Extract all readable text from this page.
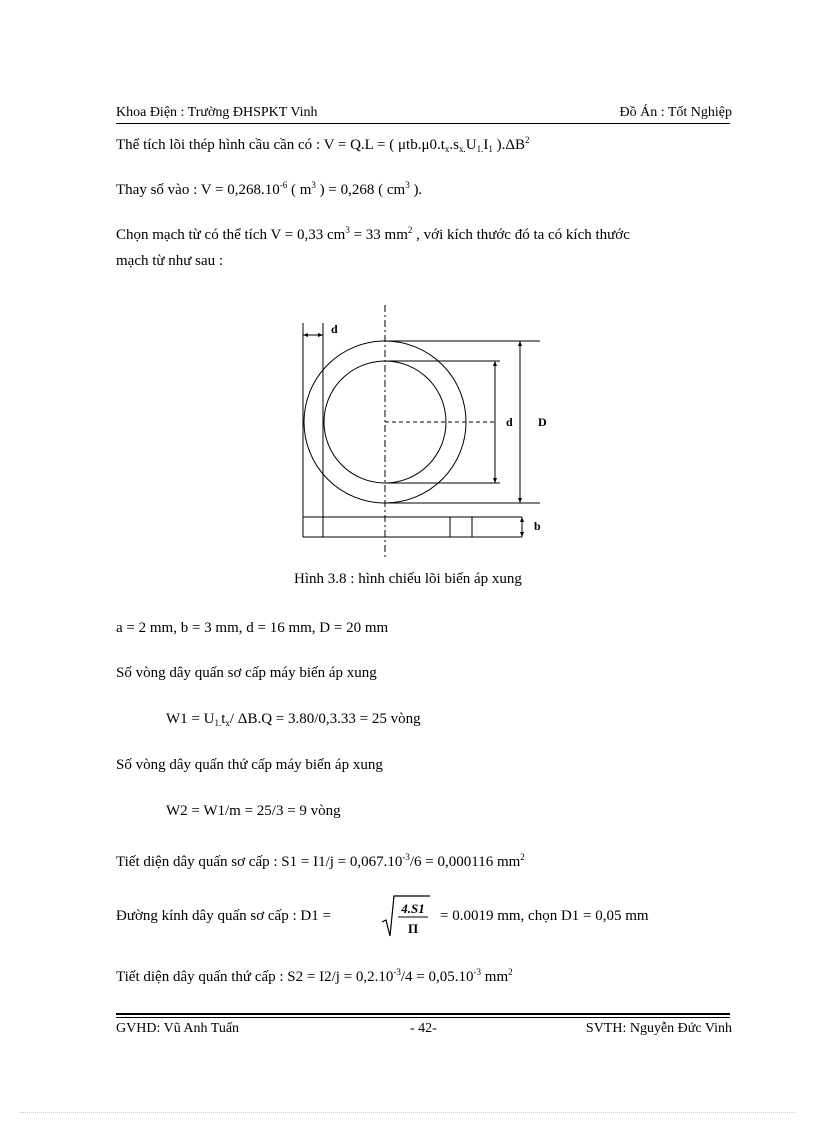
Khoa Điện : Trường ĐHSPKT Vinh	Đồ Án : Tốt Nghiệp
Thể tích lõi thép hình cầu cần có : V = Q.L = ( $\mu tb.\mu 0.t_x.s_{x.}U_{1.}I_1$ )$.\Delta B^2$
Thay số vào : $V = 0,268.10^{-6}$ ( $m^3$ ) = 0,268 ( $cm^3$ ).
Chọn mạch từ có thể tích V = 0,33 $cm^3 = 33$ $mm^2$ , với kích thước đó ta có kích thước
mạch từ như sau :
d
d D
b
Hình 3.8 : hình chiếu lõi biến áp xung
a = 2 mm, b = 3 mm, d = 16 mm, D = 20 mm
Số vòng dây quấn sơ cấp máy biến áp xung
$W1 = U_{1.}t_x/$ ΔB.Q = 3.80/0,3.33 = 25 vòng
Số vòng dây quấn thứ cấp máy biến áp xung
W2 = W1/m = 25/3 = 9 vòng
Tiết diện dây quấn sơ cấp : $S1 = I1/j = 0,067.10^{-3}/6 = 0,000116$ $mm^2$
Đường kính dây quấn sơ cấp : D1 =	4.S1
Π
= 0.0019 mm, chọn D1 = 0,05 mm
Tiết diện dây quấn thứ cấp : $S2 = I2/j = 0,2.10^{-3}/4 = 0,05.10^{-3}$ $mm^2$
GVHD: Vũ Anh Tuấn	- 42-	SVTH: Nguyễn Đức Vinh
